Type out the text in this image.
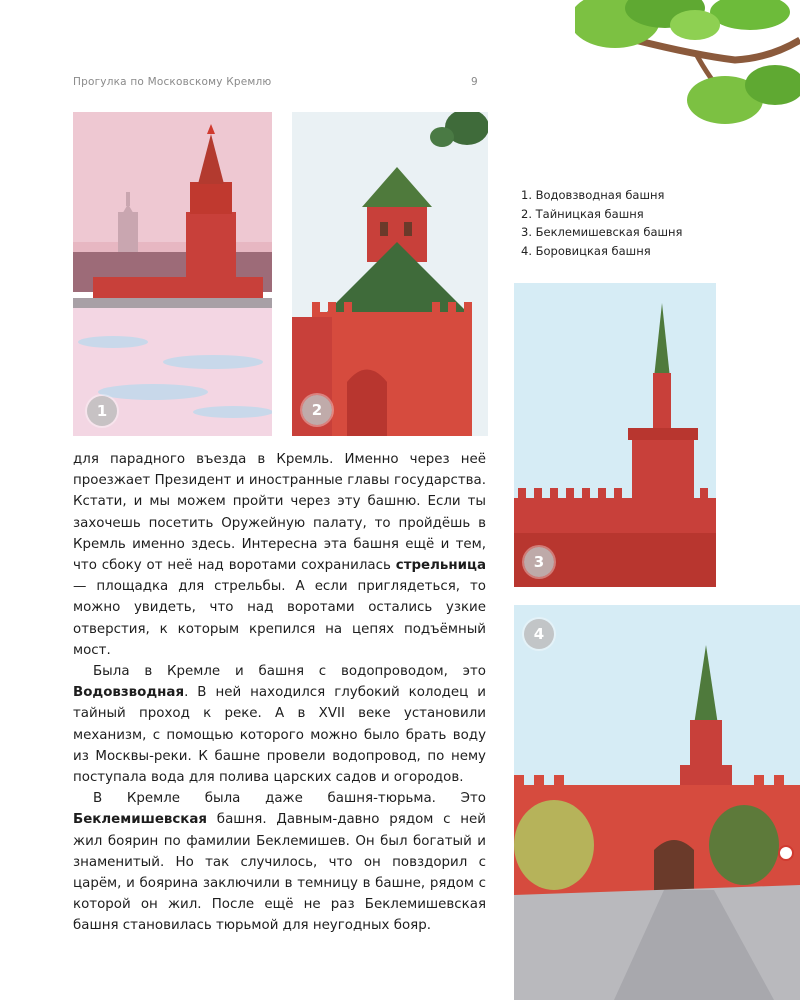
Прогулка по Московскому Кремлю	9
1	2
1. Водовзводная башня
2. Тайницкая башня
3. Беклемишевская башня
4. Боровицкая башня
3
4

для парадного въезда в Кремль. Именно через неё проезжает Президент и иностранные главы государства. Кстати, и мы можем пройти через эту башню. Если ты захочешь посетить Оружейную палату, то пройдёшь в Кремль именно здесь. Интересна эта башня ещё и тем, что сбоку от неё над воротами сохранилась стрельница — площадка для стрельбы. А если приглядеться, то можно увидеть, что над воротами остались узкие отверстия, к которым крепился на цепях подъёмный мост.

Была в Кремле и башня с водопроводом, это Водовзводная. В ней находился глубокий колодец и тайный проход к реке. А в XVII веке установили механизм, с помощью которого можно было брать воду из Москвы-реки. К башне провели водопровод, по нему поступала вода для полива царских садов и огородов.

В Кремле была даже башня-тюрьма. Это Беклемишевская башня. Давным-давно рядом с ней жил боярин по фамилии Беклемишев. Он был богатый и знаменитый. Но так случилось, что он повздорил с царём, и боярина заключили в темницу в башне, рядом с которой он жил. После ещё не раз Беклемишевская башня становилась тюрьмой для неугодных бояр.
